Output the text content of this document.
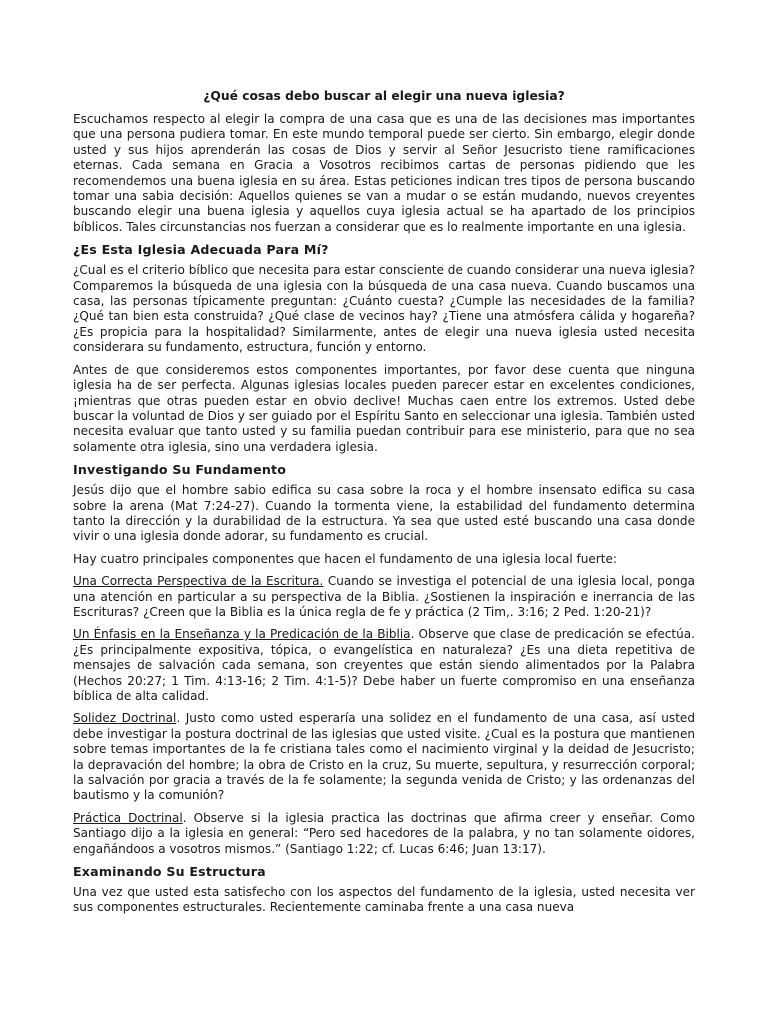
¿Qué cosas debo buscar al elegir una nueva iglesia?

Escuchamos respecto al elegir la compra de una casa que es una de las decisiones mas importantes que una persona pudiera tomar. En este mundo temporal puede ser cierto. Sin embargo, elegir donde usted y sus hijos aprenderán las cosas de Dios y servir al Señor Jesucristo tiene ramificaciones eternas. Cada semana en Gracia a Vosotros recibimos cartas de personas pidiendo que les recomendemos una buena iglesia en su área. Estas peticiones indican tres tipos de persona buscando tomar una sabia decisión: Aquellos quienes se van a mudar o se están mudando, nuevos creyentes buscando elegir una buena iglesia y aquellos cuya iglesia actual se ha apartado de los principios bíblicos. Tales circunstancias nos fuerzan a considerar que es lo realmente importante en una iglesia.

¿Es Esta Iglesia Adecuada Para Mí?

¿Cual es el criterio bíblico que necesita para estar consciente de cuando considerar una nueva iglesia? Comparemos la búsqueda de una iglesia con la búsqueda de una casa nueva. Cuando buscamos una casa, las personas típicamente preguntan: ¿Cuánto cuesta? ¿Cumple las necesidades de la familia? ¿Qué tan bien esta construida? ¿Qué clase de vecinos hay? ¿Tiene una atmósfera cálida y hogareña? ¿Es propicia para la hospitalidad? Similarmente, antes de elegir una nueva iglesia usted necesita considerara su fundamento, estructura, función y entorno.

Antes de que consideremos estos componentes importantes, por favor dese cuenta que ninguna iglesia ha de ser perfecta. Algunas iglesias locales pueden parecer estar en excelentes condiciones, ¡mientras que otras pueden estar en obvio declive! Muchas caen entre los extremos. Usted debe buscar la voluntad de Dios y ser guiado por el Espíritu Santo en seleccionar una iglesia. También usted necesita evaluar que tanto usted y su familia puedan contribuir para ese ministerio, para que no sea solamente otra iglesia, sino una verdadera iglesia.

Investigando Su Fundamento

Jesús dijo que el hombre sabio edifica su casa sobre la roca y el hombre insensato edifica su casa sobre la arena (Mat 7:24-27). Cuando la tormenta viene, la estabilidad del fundamento determina tanto la dirección y la durabilidad de la estructura. Ya sea que usted esté buscando una casa donde vivir o una iglesia donde adorar, su fundamento es crucial.

Hay cuatro principales componentes que hacen el fundamento de una iglesia local fuerte:

Una Correcta Perspectiva de la Escritura. Cuando se investiga el potencial de una iglesia local, ponga una atención en particular a su perspectiva de la Biblia. ¿Sostienen la inspiración e inerrancia de las Escrituras? ¿Creen que la Biblia es la única regla de fe y práctica (2 Tim,. 3:16; 2 Ped. 1:20-21)?

Un Énfasis en la Enseñanza y la Predicación de la Biblia. Observe que clase de predicación se efectúa. ¿Es principalmente expositiva, tópica, o evangelística en naturaleza? ¿Es una dieta repetitiva de mensajes de salvación cada semana, son creyentes que están siendo alimentados por la Palabra (Hechos 20:27; 1 Tim. 4:13-16; 2 Tim. 4:1-5)? Debe haber un fuerte compromiso en una enseñanza bíblica de alta calidad.

Solidez Doctrinal. Justo como usted esperaría una solidez en el fundamento de una casa, así usted debe investigar la postura doctrinal de las iglesias que usted visite. ¿Cual es la postura que mantienen sobre temas importantes de la fe cristiana tales como el nacimiento virginal y la deidad de Jesucristo; la depravación del hombre; la obra de Cristo en la cruz, Su muerte, sepultura, y resurrección corporal; la salvación por gracia a través de la fe solamente; la segunda venida de Cristo; y las ordenanzas del bautismo y la comunión?

Práctica Doctrinal. Observe si la iglesia practica las doctrinas que afirma creer y enseñar. Como Santiago dijo a la iglesia en general: “Pero sed hacedores de la palabra, y no tan solamente oidores, engañándoos a vosotros mismos.” (Santiago 1:22; cf. Lucas 6:46; Juan 13:17).

Examinando Su Estructura

Una vez que usted esta satisfecho con los aspectos del fundamento de la iglesia, usted necesita ver sus componentes estructurales. Recientemente caminaba frente a una casa nueva
